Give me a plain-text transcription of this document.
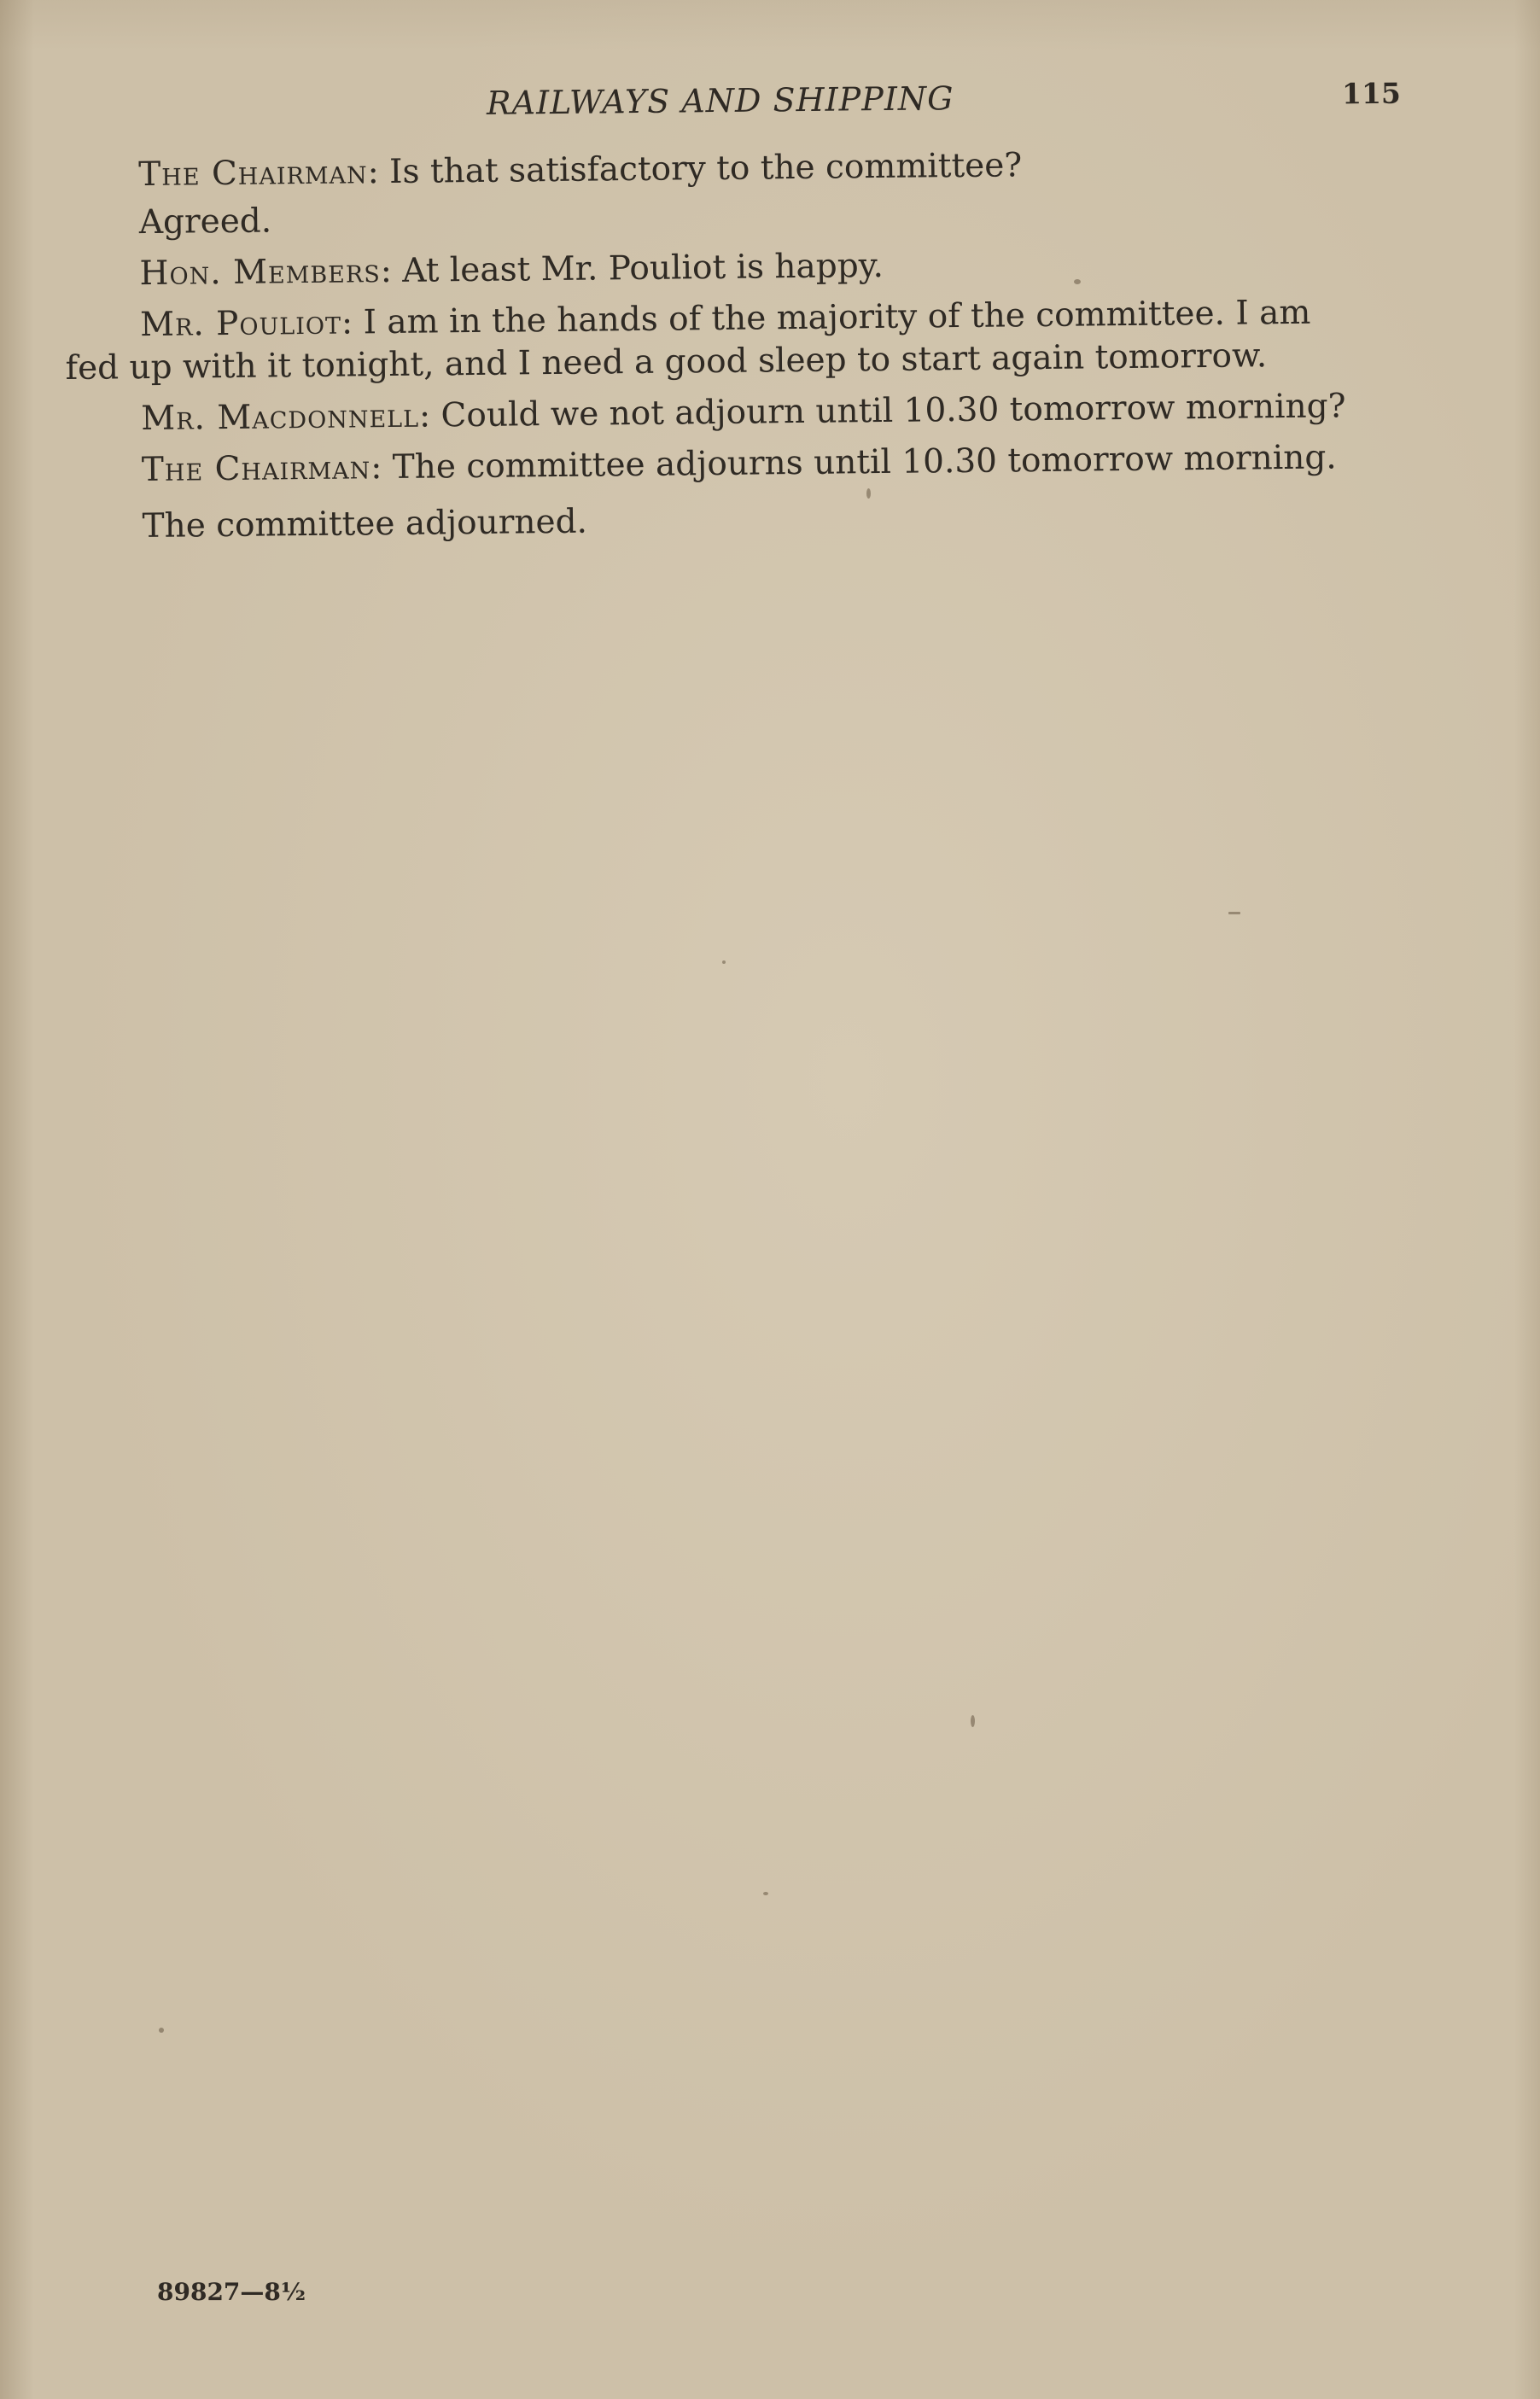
RAILWAYS AND SHIPPING	115

The Chairman: Is that satisfactory to the committee?

Agreed.

Hon. Members: At least Mr. Pouliot is happy.

Mr. Pouliot: I am in the hands of the majority of the committee. I am
fed up with it tonight, and I need a good sleep to start again tomorrow.

Mr. Macdonnell: Could we not adjourn until 10.30 tomorrow morning?

The Chairman: The committee adjourns until 10.30 tomorrow morning.

The committee adjourned.

89827—8½
